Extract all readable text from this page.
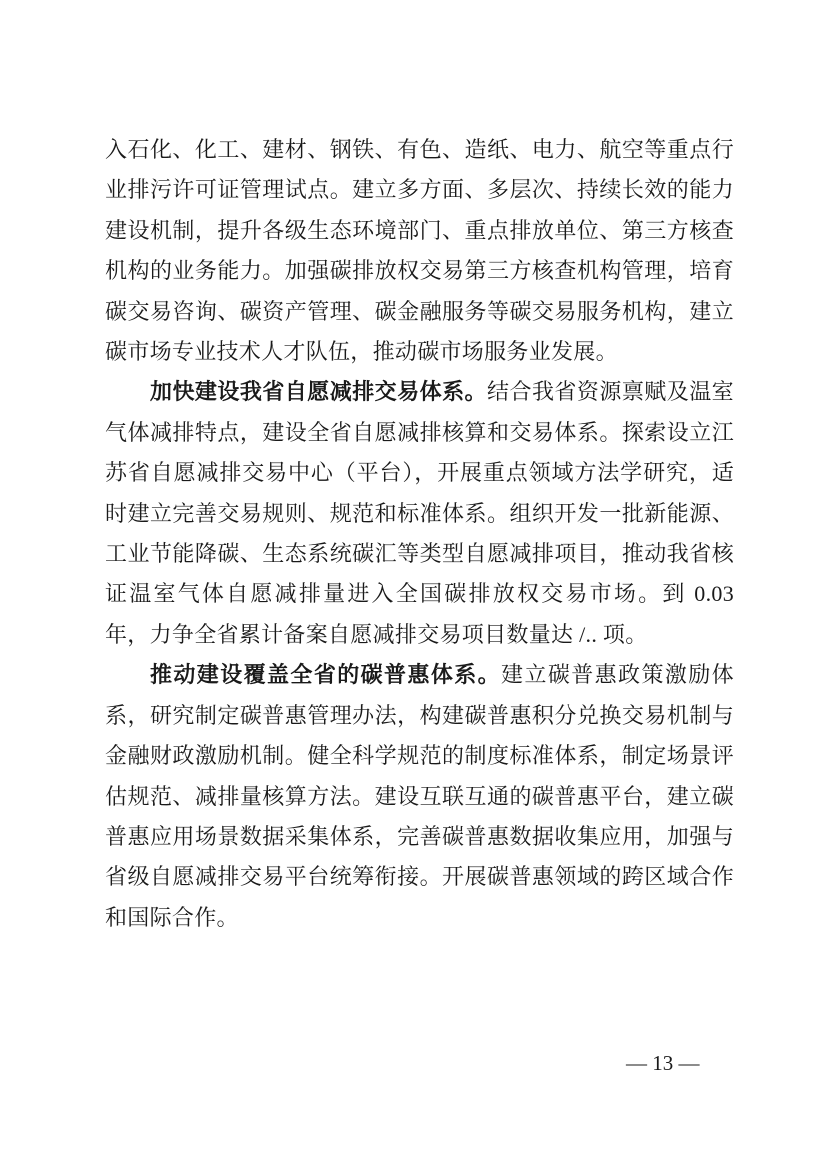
入石化、化工、建材、钢铁、有色、造纸、电力、航空等重点行业排污许可证管理试点。建立多方面、多层次、持续长效的能力建设机制，提升各级生态环境部门、重点排放单位、第三方核查机构的业务能力。加强碳排放权交易第三方核查机构管理，培育碳交易咨询、碳资产管理、碳金融服务等碳交易服务机构，建立碳市场专业技术人才队伍，推动碳市场服务业发展。

加快建设我省自愿减排交易体系。结合我省资源禀赋及温室气体减排特点，建设全省自愿减排核算和交易体系。探索设立江苏省自愿减排交易中心（平台），开展重点领域方法学研究，适时建立完善交易规则、规范和标准体系。组织开发一批新能源、工业节能降碳、生态系统碳汇等类型自愿减排项目，推动我省核证温室气体自愿减排量进入全国碳排放权交易市场。到 0.03 年，力争全省累计备案自愿减排交易项目数量达 /.. 项。

推动建设覆盖全省的碳普惠体系。建立碳普惠政策激励体系，研究制定碳普惠管理办法，构建碳普惠积分兑换交易机制与金融财政激励机制。健全科学规范的制度标准体系，制定场景评估规范、减排量核算方法。建设互联互通的碳普惠平台，建立碳普惠应用场景数据采集体系，完善碳普惠数据收集应用，加强与省级自愿减排交易平台统筹衔接。开展碳普惠领域的跨区域合作和国际合作。

— 13 —
